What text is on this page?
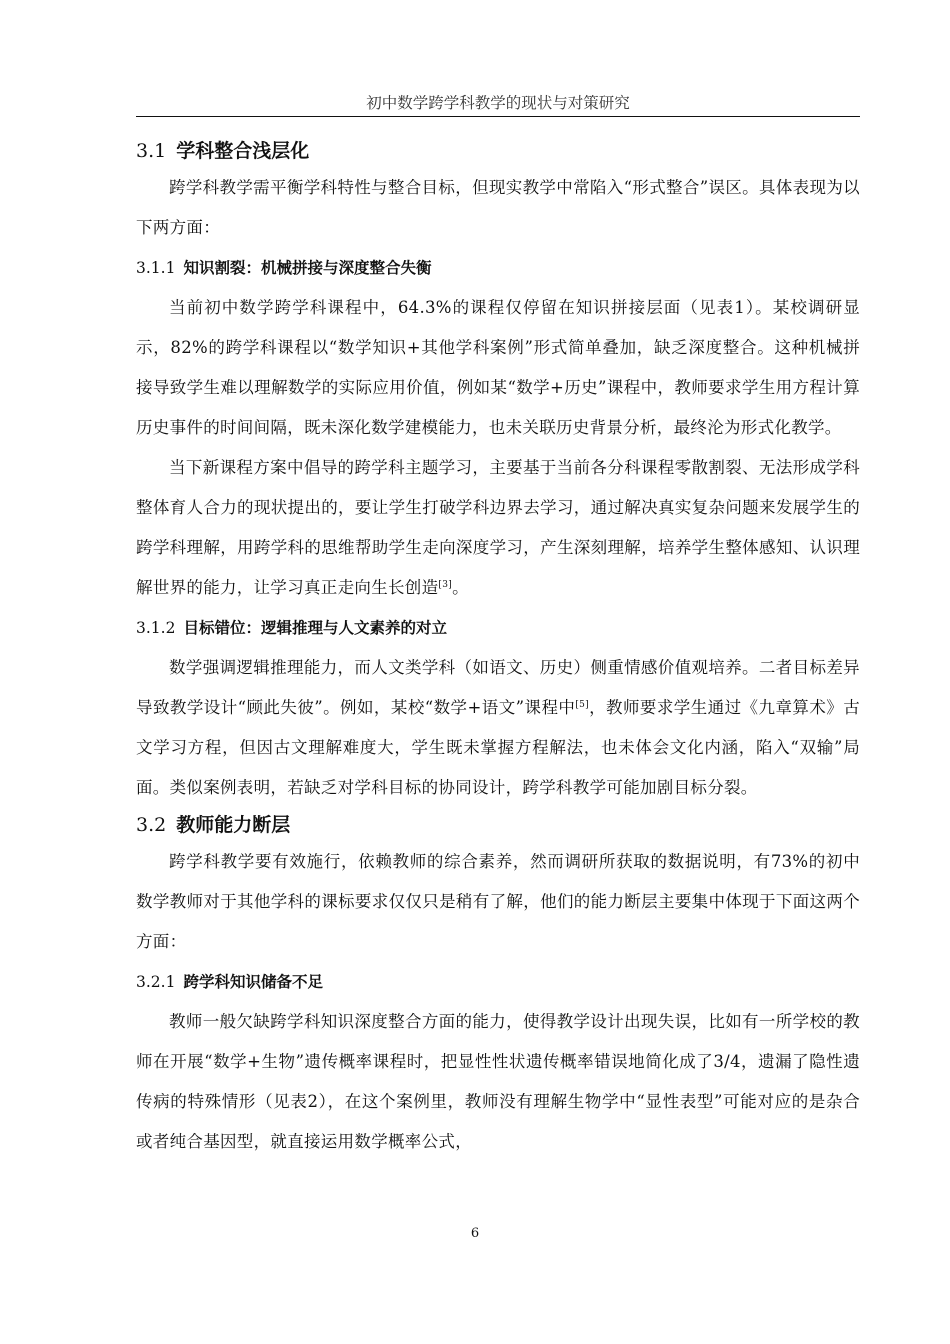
初中数学跨学科教学的现状与对策研究
3.1 学科整合浅层化

跨学科教学需平衡学科特性与整合目标，但现实教学中常陷入“形式整合”误区。具体表现为以下两方面：

3.1.1 知识割裂：机械拼接与深度整合失衡

当前初中数学跨学科课程中，64.3%的课程仅停留在知识拼接层面（见表1）。某校调研显示，82%的跨学科课程以“数学知识+其他学科案例”形式简单叠加，缺乏深度整合。这种机械拼接导致学生难以理解数学的实际应用价值，例如某“数学+历史”课程中，教师要求学生用方程计算历史事件的时间间隔，既未深化数学建模能力，也未关联历史背景分析，最终沦为形式化教学。

当下新课程方案中倡导的跨学科主题学习，主要基于当前各分科课程零散割裂、无法形成学科整体育人合力的现状提出的，要让学生打破学科边界去学习，通过解决真实复杂问题来发展学生的跨学科理解，用跨学科的思维帮助学生走向深度学习，产生深刻理解，培养学生整体感知、认识理解世界的能力，让学习真正走向生长创造[3]。

3.1.2 目标错位：逻辑推理与人文素养的对立

数学强调逻辑推理能力，而人文类学科（如语文、历史）侧重情感价值观培养。二者目标差异导致教学设计“顾此失彼”。例如，某校“数学+语文”课程中[5]，教师要求学生通过《九章算术》古文学习方程，但因古文理解难度大，学生既未掌握方程解法，也未体会文化内涵，陷入“双输”局面。类似案例表明，若缺乏对学科目标的协同设计，跨学科教学可能加剧目标分裂。

3.2 教师能力断层

跨学科教学要有效施行，依赖教师的综合素养，然而调研所获取的数据说明，有73%的初中数学教师对于其他学科的课标要求仅仅只是稍有了解，他们的能力断层主要集中体现于下面这两个方面：

3.2.1 跨学科知识储备不足

教师一般欠缺跨学科知识深度整合方面的能力，使得教学设计出现失误，比如有一所学校的教师在开展“数学+生物”遗传概率课程时，把显性性状遗传概率错误地简化成了3/4，遗漏了隐性遗传病的特殊情形（见表2），在这个案例里，教师没有理解生物学中“显性表型”可能对应的是杂合或者纯合基因型，就直接运用数学概率公式，

6
